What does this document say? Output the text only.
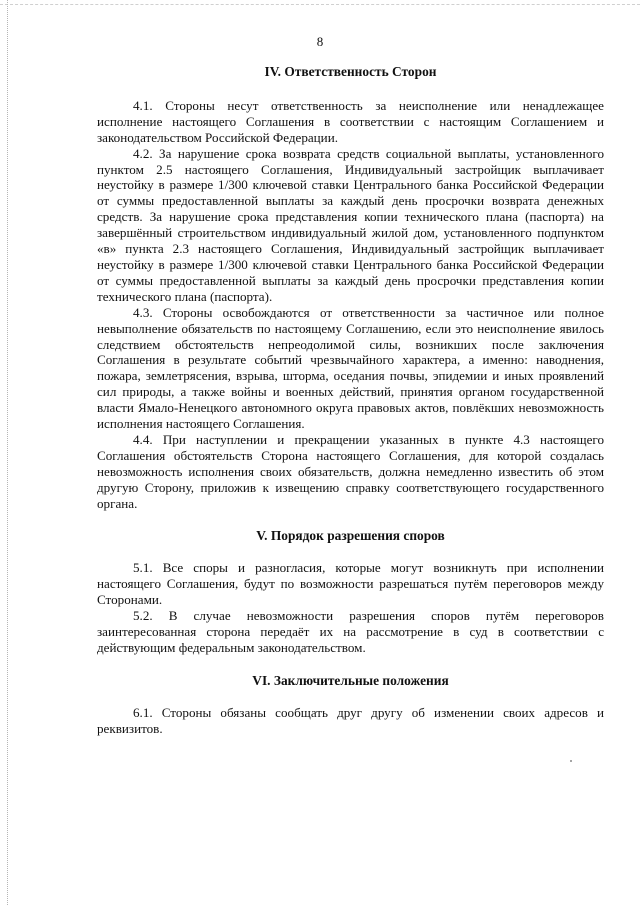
8
IV. Ответственность Сторон

4.1. Стороны несут ответственность за неисполнение или ненадлежащее исполнение настоящего Соглашения в соответствии с настоящим Соглашением и законодательством Российской Федерации.

4.2. За нарушение срока возврата средств социальной выплаты, установленного пунктом 2.5 настоящего Соглашения, Индивидуальный застройщик выплачивает неустойку в размере 1/300 ключевой ставки Центрального банка Российской Федерации от суммы предоставленной выплаты за каждый день просрочки возврата денежных средств. За нарушение срока представления копии технического плана (паспорта) на завершённый строительством индивидуальный жилой дом, установленного подпунктом «в» пункта 2.3 настоящего Соглашения, Индивидуальный застройщик выплачивает неустойку в размере 1/300 ключевой ставки Центрального банка Российской Федерации от суммы предоставленной выплаты за каждый день просрочки представления копии технического плана (паспорта).

4.3. Стороны освобождаются от ответственности за частичное или полное невыполнение обязательств по настоящему Соглашению, если это неисполнение явилось следствием обстоятельств непреодолимой силы, возникших после заключения Соглашения в результате событий чрезвычайного характера, а именно: наводнения, пожара, землетрясения, взрыва, шторма, оседания почвы, эпидемии и иных проявлений сил природы, а также войны и военных действий, принятия органом государственной власти Ямало-Ненецкого автономного округа правовых актов, повлёкших невозможность исполнения настоящего Соглашения.

4.4. При наступлении и прекращении указанных в пункте 4.3 настоящего Соглашения обстоятельств Сторона настоящего Соглашения, для которой создалась невозможность исполнения своих обязательств, должна немедленно известить об этом другую Сторону, приложив к извещению справку соответствующего государственного органа.

V. Порядок разрешения споров

5.1. Все споры и разногласия, которые могут возникнуть при исполнении настоящего Соглашения, будут по возможности разрешаться путём переговоров между Сторонами.

5.2. В случае невозможности разрешения споров путём переговоров заинтересованная сторона передаёт их на рассмотрение в суд в соответствии с действующим федеральным законодательством.

VI. Заключительные положения

6.1. Стороны обязаны сообщать друг другу об изменении своих адресов и реквизитов.
